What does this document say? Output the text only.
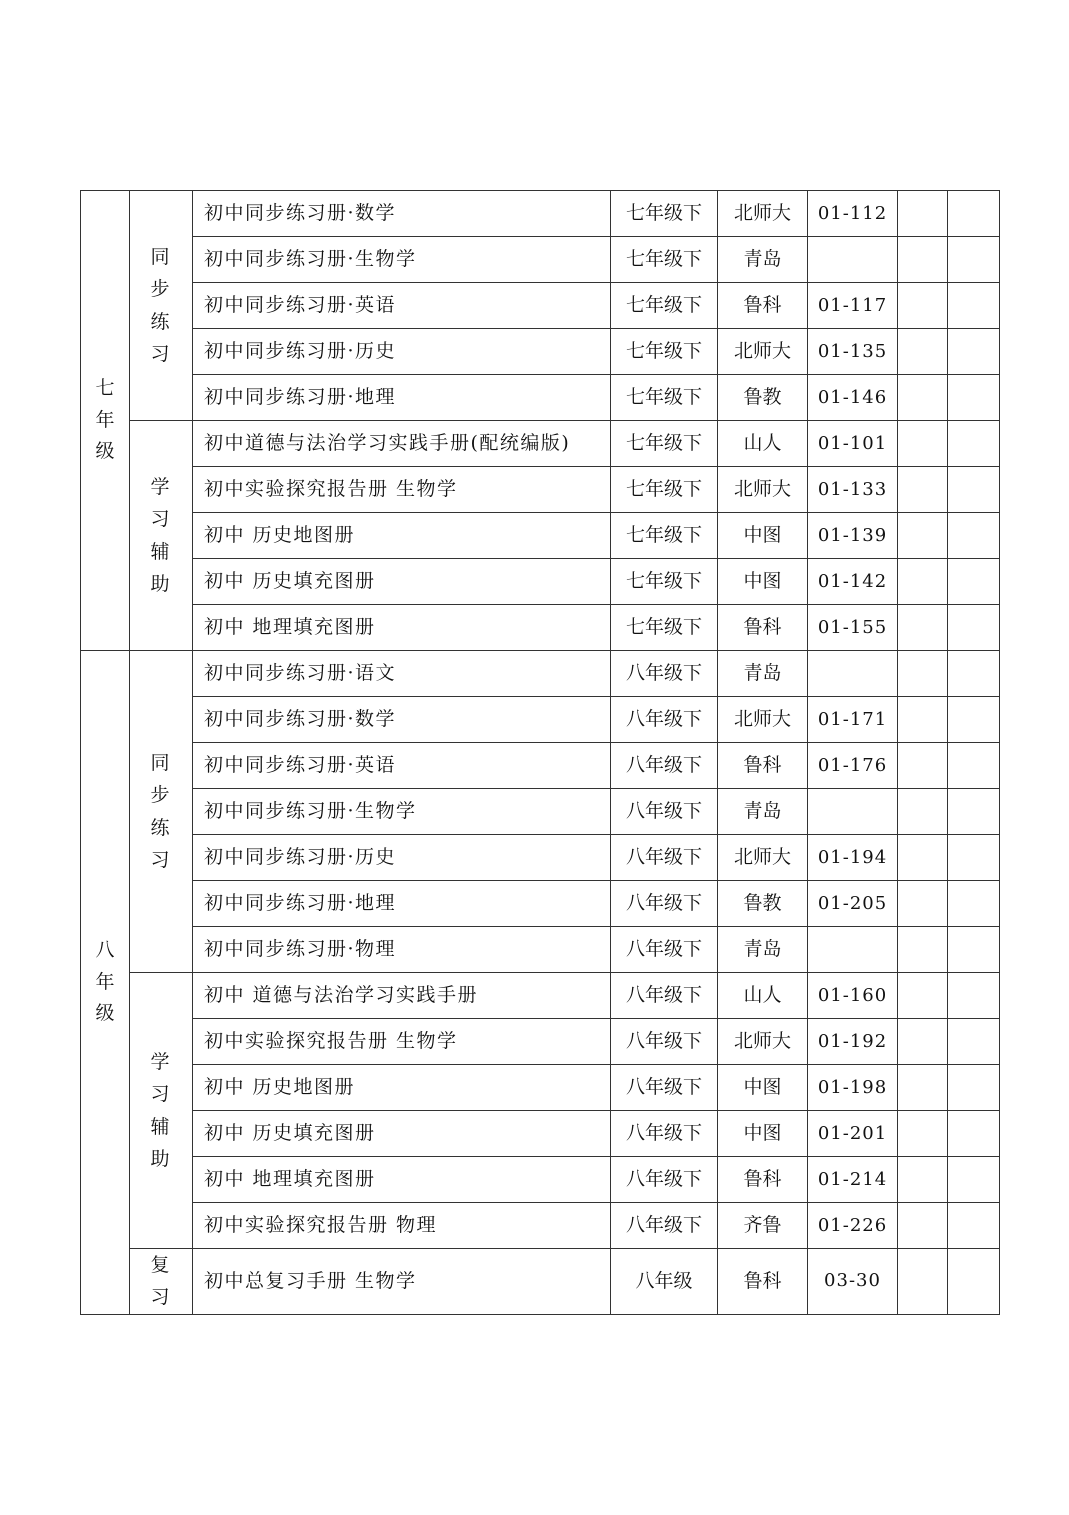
七年级	同步练习	初中同步练习册·数学	七年级下	北师大	01-112		
		初中同步练习册·生物学	七年级下	青岛			
		初中同步练习册·英语	七年级下	鲁科	01-117		
		初中同步练习册·历史	七年级下	北师大	01-135		
		初中同步练习册·地理	七年级下	鲁教	01-146		
	学习辅助	初中道德与法治学习实践手册(配统编版)	七年级下	山人	01-101		
		初中实验探究报告册 生物学	七年级下	北师大	01-133		
		初中 历史地图册	七年级下	中图	01-139		
		初中 历史填充图册	七年级下	中图	01-142		
		初中 地理填充图册	七年级下	鲁科	01-155		
八年级	同步练习	初中同步练习册·语文	八年级下	青岛			
		初中同步练习册·数学	八年级下	北师大	01-171		
		初中同步练习册·英语	八年级下	鲁科	01-176		
		初中同步练习册·生物学	八年级下	青岛			
		初中同步练习册·历史	八年级下	北师大	01-194		
		初中同步练习册·地理	八年级下	鲁教	01-205		
		初中同步练习册·物理	八年级下	青岛			
	学习辅助	初中 道德与法治学习实践手册	八年级下	山人	01-160		
		初中实验探究报告册 生物学	八年级下	北师大	01-192		
		初中 历史地图册	八年级下	中图	01-198		
		初中 历史填充图册	八年级下	中图	01-201		
		初中 地理填充图册	八年级下	鲁科	01-214		
		初中实验探究报告册 物理	八年级下	齐鲁	01-226		
	复习	初中总复习手册 生物学	八年级	鲁科	03-30		
